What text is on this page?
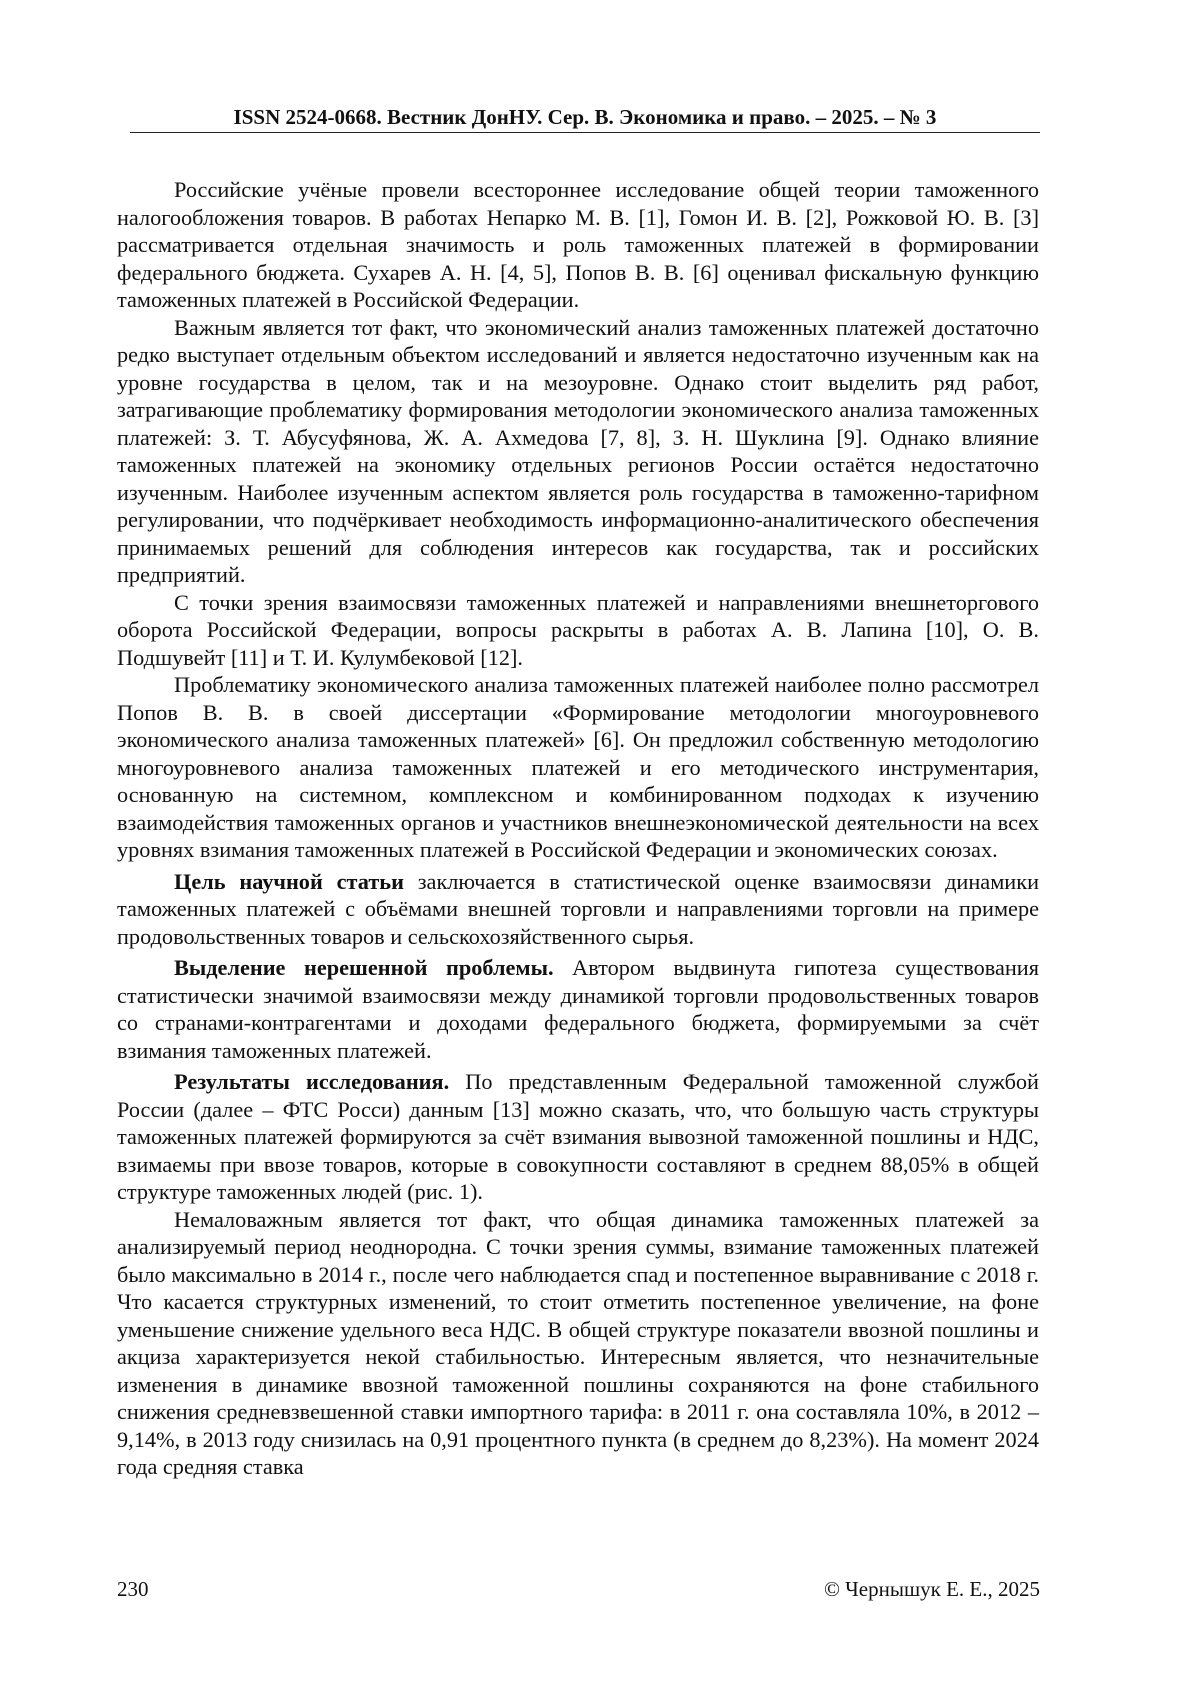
ISSN 2524-0668. Вестник ДонНУ. Сер. В. Экономика и право. – 2025. – № 3

Российские учёные провели всестороннее исследование общей теории таможенного налогообложения товаров. В работах Непарко М. В. [1], Гомон И. В. [2], Рожковой Ю. В. [3] рассматривается отдельная значимость и роль таможенных платежей в формировании федерального бюджета. Сухарев А. Н. [4, 5], Попов В. В. [6] оценивал фискальную функцию таможенных платежей в Российской Федерации.

Важным является тот факт, что экономический анализ таможенных платежей достаточно редко выступает отдельным объектом исследований и является недостаточно изученным как на уровне государства в целом, так и на мезоуровне. Однако стоит выделить ряд работ, затрагивающие проблематику формирования методологии экономического анализа таможенных платежей: З. Т. Абусуфянова, Ж. А. Ахмедова [7, 8], З. Н. Шуклина [9]. Однако влияние таможенных платежей на экономику отдельных регионов России остаётся недостаточно изученным. Наиболее изученным аспектом является роль государства в таможенно-тарифном регулировании, что подчёркивает необходимость информационно-аналитического обеспечения принимаемых решений для соблюдения интересов как государства, так и российских предприятий.

С точки зрения взаимосвязи таможенных платежей и направлениями внешнеторгового оборота Российской Федерации, вопросы раскрыты в работах А. В. Лапина [10], О. В. Подшувейт [11] и Т. И. Кулумбековой [12].

Проблематику экономического анализа таможенных платежей наиболее полно рассмотрел Попов В. В. в своей диссертации «Формирование методологии многоуровневого экономического анализа таможенных платежей» [6]. Он предложил собственную методологию многоуровневого анализа таможенных платежей и его методического инструментария, основанную на системном, комплексном и комбинированном подходах к изучению взаимодействия таможенных органов и участников внешнеэкономической деятельности на всех уровнях взимания таможенных платежей в Российской Федерации и экономических союзах.

Цель научной статьи заключается в статистической оценке взаимосвязи динамики таможенных платежей с объёмами внешней торговли и направлениями торговли на примере продовольственных товаров и сельскохозяйственного сырья.

Выделение нерешенной проблемы. Автором выдвинута гипотеза существования статистически значимой взаимосвязи между динамикой торговли продовольственных товаров со странами-контрагентами и доходами федерального бюджета, формируемыми за счёт взимания таможенных платежей.

Результаты исследования. По представленным Федеральной таможенной службой России (далее – ФТС Росси) данным [13] можно сказать, что, что большую часть структуры таможенных платежей формируются за счёт взимания вывозной таможенной пошлины и НДС, взимаемы при ввозе товаров, которые в совокупности составляют в среднем 88,05% в общей структуре таможенных людей (рис. 1).

Немаловажным является тот факт, что общая динамика таможенных платежей за анализируемый период неоднородна. С точки зрения суммы, взимание таможенных платежей было максимально в 2014 г., после чего наблюдается спад и постепенное выравнивание с 2018 г. Что касается структурных изменений, то стоит отметить постепенное увеличение, на фоне уменьшение снижение удельного веса НДС. В общей структуре показатели ввозной пошлины и акциза характеризуется некой стабильностью. Интересным является, что незначительные изменения в динамике ввозной таможенной пошлины сохраняются на фоне стабильного снижения средневзвешенной ставки импортного тарифа: в 2011 г. она составляла 10%, в 2012 – 9,14%, в 2013 году снизилась на 0,91 процентного пункта (в среднем до 8,23%). На момент 2024 года средняя ставка

230	© Чернышук Е. Е., 2025
